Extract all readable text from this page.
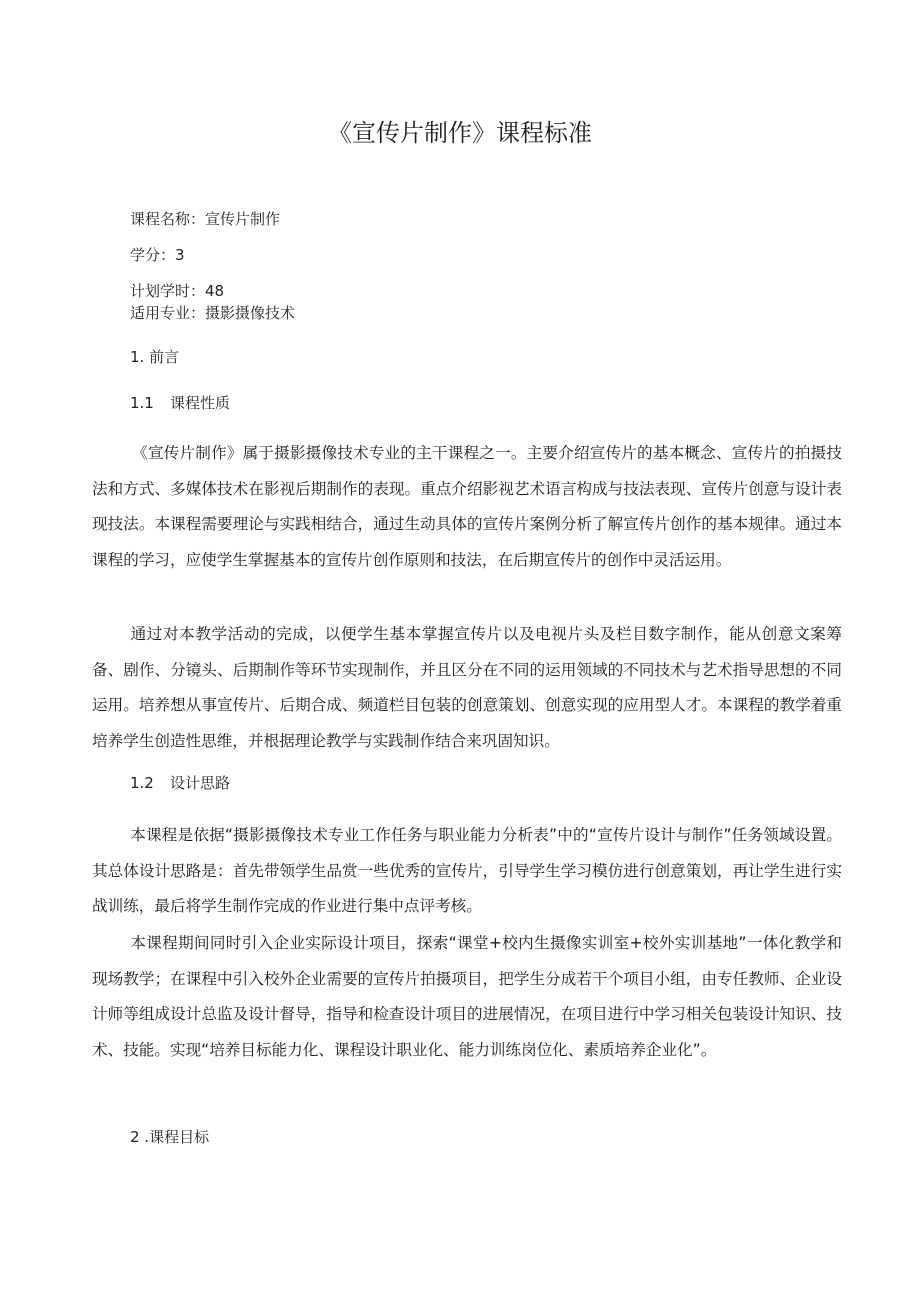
《宣传片制作》课程标准
课程名称：宣传片制作
学分：3
计划学时：48
适用专业：摄影摄像技术
1. 前言
1.1 课程性质
《宣传片制作》属于摄影摄像技术专业的主干课程之一。主要介绍宣传片的基本概念、宣传片的拍摄技法和方式、多媒体技术在影视后期制作的表现。重点介绍影视艺术语言构成与技法表现、宣传片创意与设计表现技法。本课程需要理论与实践相结合，通过生动具体的宣传片案例分析了解宣传片创作的基本规律。通过本课程的学习，应使学生掌握基本的宣传片创作原则和技法，在后期宣传片的创作中灵活运用。
通过对本教学活动的完成，以便学生基本掌握宣传片以及电视片头及栏目数字制作，能从创意文案筹备、剧作、分镜头、后期制作等环节实现制作，并且区分在不同的运用领域的不同技术与艺术指导思想的不同运用。培养想从事宣传片、后期合成、频道栏目包装的创意策划、创意实现的应用型人才。本课程的教学着重培养学生创造性思维，并根据理论教学与实践制作结合来巩固知识。
1.2 设计思路
本课程是依据“摄影摄像技术专业工作任务与职业能力分析表”中的“宣传片设计与制作”任务领域设置。其总体设计思路是：首先带领学生品赏一些优秀的宣传片，引导学生学习模仿进行创意策划，再让学生进行实战训练，最后将学生制作完成的作业进行集中点评考核。
本课程期间同时引入企业实际设计项目，探索“课堂+校内生摄像实训室+校外实训基地”一体化教学和现场教学；在课程中引入校外企业需要的宣传片拍摄项目，把学生分成若干个项目小组，由专任教师、企业设计师等组成设计总监及设计督导，指导和检查设计项目的进展情况，在项目进行中学习相关包装设计知识、技术、技能。实现“培养目标能力化、课程设计职业化、能力训练岗位化、素质培养企业化”。
2 .课程目标
